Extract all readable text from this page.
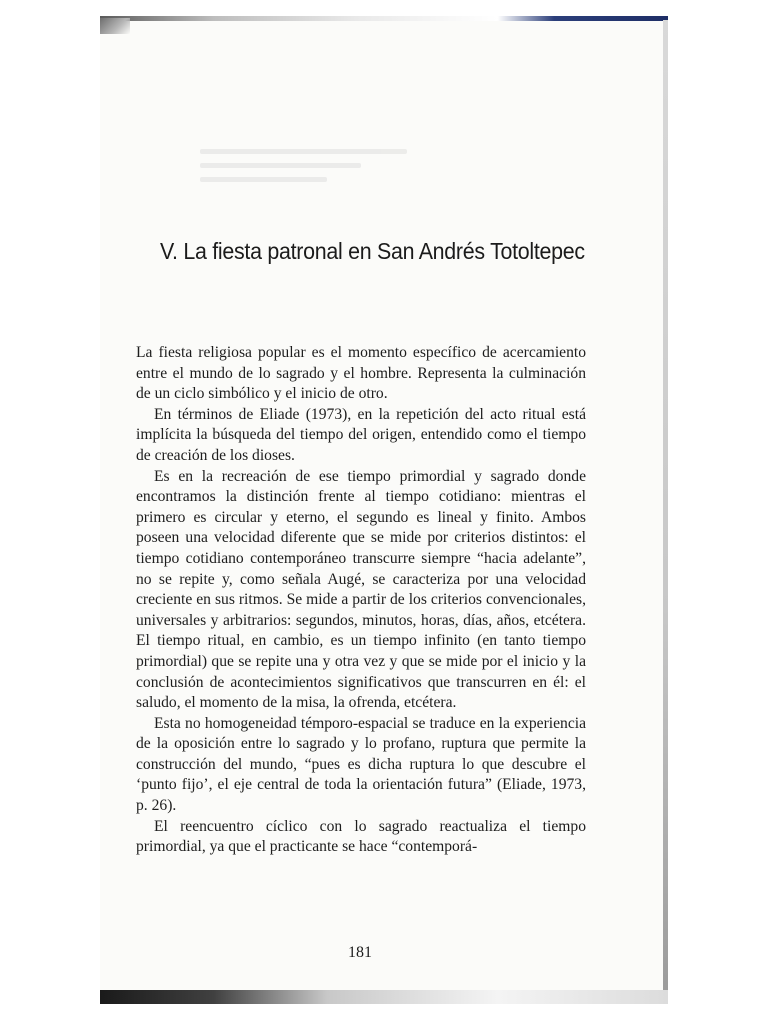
V. La fiesta patronal en San Andrés Totoltepec

La fiesta religiosa popular es el momento específico de acercamiento entre el mundo de lo sagrado y el hombre. Representa la culminación de un ciclo simbólico y el inicio de otro.

En términos de Eliade (1973), en la repetición del acto ritual está implícita la búsqueda del tiempo del origen, entendido como el tiempo de creación de los dioses.

Es en la recreación de ese tiempo primordial y sagrado donde encontramos la distinción frente al tiempo cotidiano: mientras el primero es circular y eterno, el segundo es lineal y finito. Ambos poseen una velocidad diferente que se mide por criterios distintos: el tiempo cotidiano contemporáneo transcurre siempre “hacia adelante”, no se repite y, como señala Augé, se caracteriza por una velocidad creciente en sus ritmos. Se mide a partir de los criterios convencionales, universales y arbitrarios: segundos, minutos, horas, días, años, etcétera. El tiempo ritual, en cambio, es un tiempo infinito (en tanto tiempo primordial) que se repite una y otra vez y que se mide por el inicio y la conclusión de acontecimientos significativos que transcurren en él: el saludo, el momento de la misa, la ofrenda, etcétera.

Esta no homogeneidad témporo-espacial se traduce en la experiencia de la oposición entre lo sagrado y lo profano, ruptura que permite la construcción del mundo, “pues es dicha ruptura lo que descubre el ‘punto fijo’, el eje central de toda la orientación futura” (Eliade, 1973, p. 26).

El reencuentro cíclico con lo sagrado reactualiza el tiempo primordial, ya que el practicante se hace “contemporá-

181
